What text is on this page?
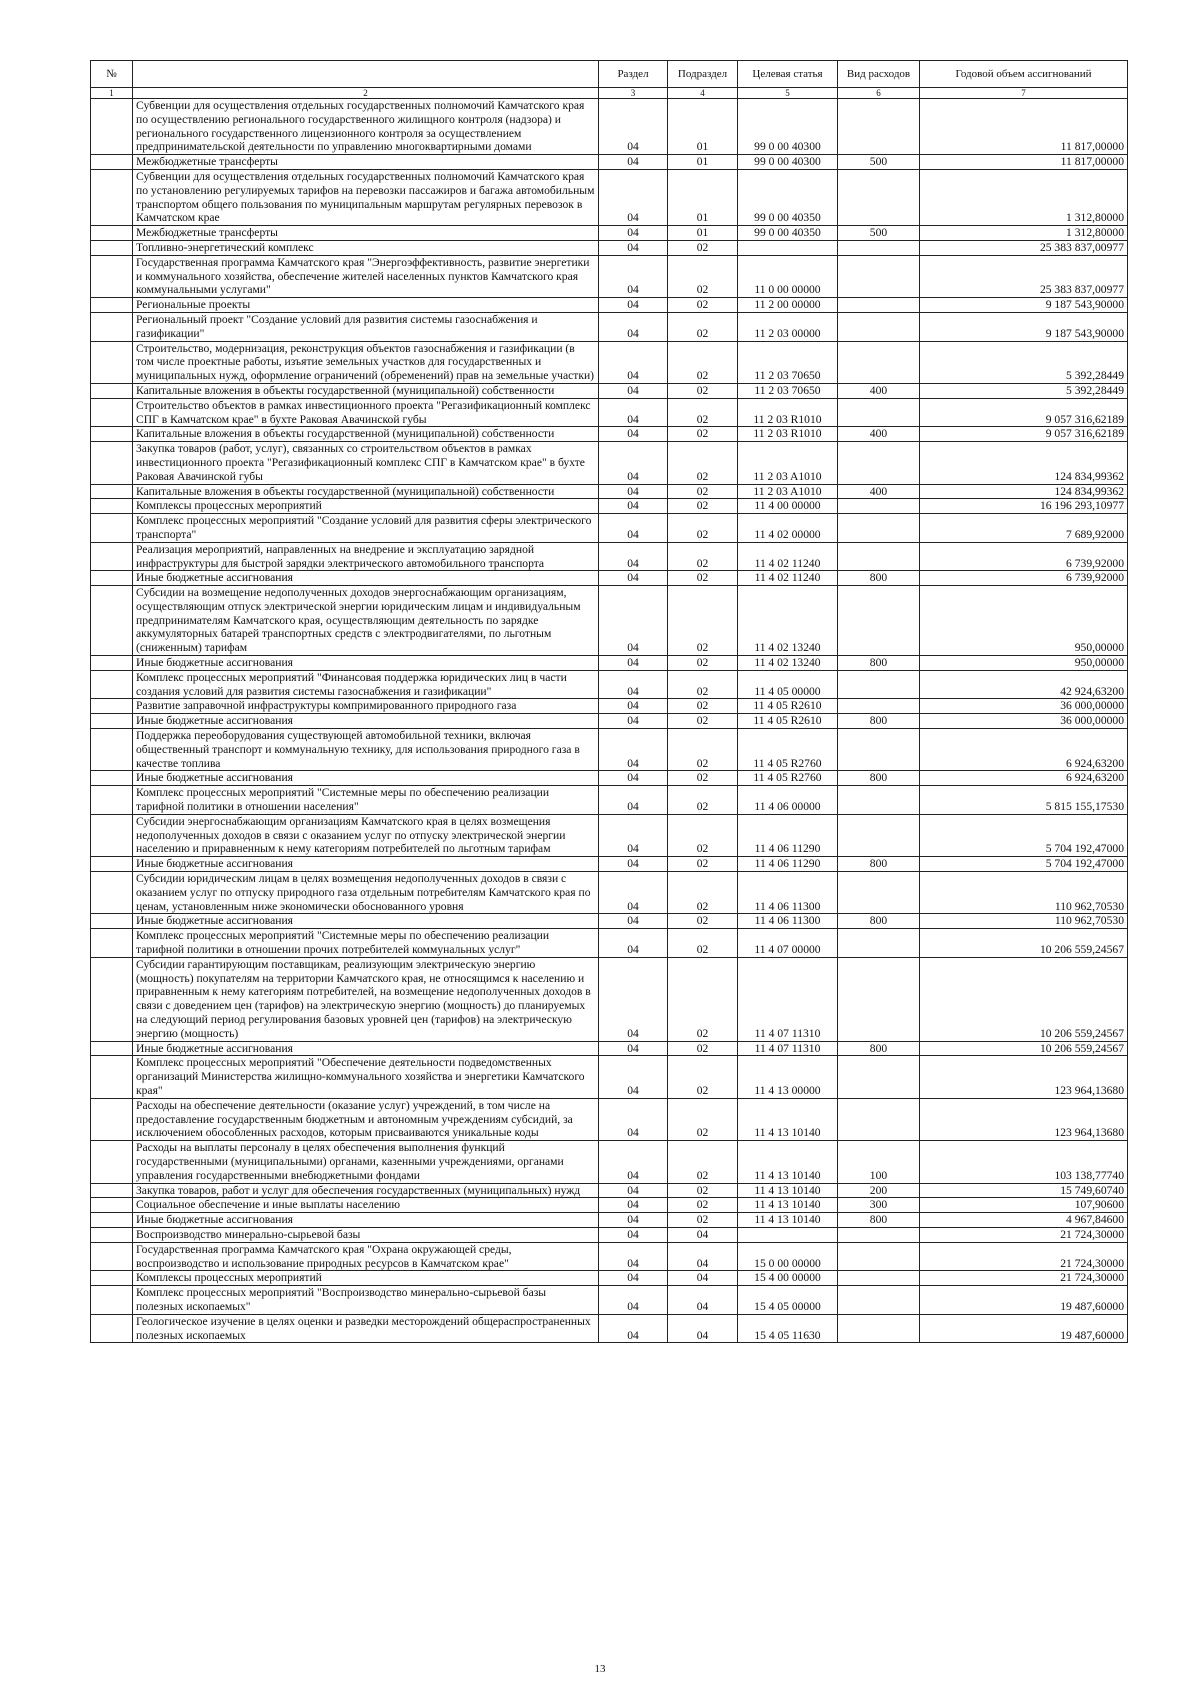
№		Раздел	Подраздел	Целевая статья	Вид расходов	Годовой объем ассигнований
1	2	3	4	5	6	7
	Субвенции для осуществления отдельных государственных полномочий Камчатского края по осуществлению регионального государственного жилищного контроля (надзора) и регионального государственного лицензионного контроля за осуществлением предпринимательской деятельности по управлению многоквартирными домами	04	01	99 0 00 40300		11 817,00000
	Межбюджетные трансферты	04	01	99 0 00 40300	500	11 817,00000
	Субвенции для осуществления отдельных государственных полномочий Камчатского края по установлению регулируемых тарифов на перевозки пассажиров и багажа автомобильным транспортом общего пользования по муниципальным маршрутам регулярных перевозок в Камчатском крае	04	01	99 0 00 40350		1 312,80000
	Межбюджетные трансферты	04	01	99 0 00 40350	500	1 312,80000
	Топливно-энергетический комплекс	04	02			25 383 837,00977
	Государственная программа Камчатского края "Энергоэффективность, развитие энергетики и коммунального хозяйства, обеспечение жителей населенных пунктов Камчатского края коммунальными услугами"	04	02	11 0 00 00000		25 383 837,00977
	Региональные проекты	04	02	11 2 00 00000		9 187 543,90000
	Региональный проект "Создание условий для развития системы газоснабжения и газификации"	04	02	11 2 03 00000		9 187 543,90000
	Строительство, модернизация, реконструкция объектов газоснабжения и газификации (в том числе проектные работы, изъятие земельных участков для государственных и муниципальных нужд, оформление ограничений (обременений) прав на земельные участки)	04	02	11 2 03 70650		5 392,28449
	Капитальные вложения в объекты государственной (муниципальной) собственности	04	02	11 2 03 70650	400	5 392,28449
	Строительство объектов в рамках инвестиционного проекта "Регазификационный комплекс СПГ в Камчатском крае" в бухте Раковая Авачинской губы	04	02	11 2 03 R1010		9 057 316,62189
	Капитальные вложения в объекты государственной (муниципальной) собственности	04	02	11 2 03 R1010	400	9 057 316,62189
	Закупка товаров (работ, услуг), связанных со строительством объектов в рамках инвестиционного проекта "Регазификационный комплекс СПГ в Камчатском крае" в бухте Раковая Авачинской губы	04	02	11 2 03 A1010		124 834,99362
	Капитальные вложения в объекты государственной (муниципальной) собственности	04	02	11 2 03 A1010	400	124 834,99362
	Комплексы процессных мероприятий	04	02	11 4 00 00000		16 196 293,10977
	Комплекс процессных мероприятий "Создание условий для развития сферы электрического транспорта"	04	02	11 4 02 00000		7 689,92000
	Реализация мероприятий, направленных на внедрение и эксплуатацию зарядной инфраструктуры для быстрой зарядки электрического автомобильного транспорта	04	02	11 4 02 11240		6 739,92000
	Иные бюджетные ассигнования	04	02	11 4 02 11240	800	6 739,92000
	Субсидии на возмещение недополученных доходов энергоснабжающим организациям, осуществляющим отпуск электрической энергии юридическим лицам и индивидуальным предпринимателям Камчатского края, осуществляющим деятельность по зарядке аккумуляторных батарей транспортных средств с электродвигателями, по льготным (сниженным) тарифам	04	02	11 4 02 13240		950,00000
	Иные бюджетные ассигнования	04	02	11 4 02 13240	800	950,00000
	Комплекс процессных мероприятий "Финансовая поддержка юридических лиц в части создания условий для развития системы газоснабжения и газификации"	04	02	11 4 05 00000		42 924,63200
	Развитие заправочной инфраструктуры компримированного природного газа	04	02	11 4 05 R2610		36 000,00000
	Иные бюджетные ассигнования	04	02	11 4 05 R2610	800	36 000,00000
	Поддержка переоборудования существующей автомобильной техники, включая общественный транспорт и коммунальную технику, для использования природного газа в качестве топлива	04	02	11 4 05 R2760		6 924,63200
	Иные бюджетные ассигнования	04	02	11 4 05 R2760	800	6 924,63200
	Комплекс процессных мероприятий "Системные меры по обеспечению реализации тарифной политики в отношении населения"	04	02	11 4 06 00000		5 815 155,17530
	Субсидии энергоснабжающим организациям Камчатского края в целях возмещения недополученных доходов в связи с оказанием услуг по отпуску электрической энергии населению и приравненным к нему категориям потребителей по льготным тарифам	04	02	11 4 06 11290		5 704 192,47000
	Иные бюджетные ассигнования	04	02	11 4 06 11290	800	5 704 192,47000
	Субсидии юридическим лицам в целях возмещения недополученных доходов в связи с оказанием услуг по отпуску природного газа отдельным потребителям Камчатского края по ценам, установленным ниже экономически обоснованного уровня	04	02	11 4 06 11300		110 962,70530
	Иные бюджетные ассигнования	04	02	11 4 06 11300	800	110 962,70530
	Комплекс процессных мероприятий "Системные меры по обеспечению реализации тарифной политики в отношении прочих потребителей коммунальных услуг"	04	02	11 4 07 00000		10 206 559,24567
	Субсидии гарантирующим поставщикам, реализующим электрическую энергию (мощность) покупателям на территории Камчатского края, не относящимся к населению и приравненным к нему категориям потребителей, на возмещение недополученных доходов в связи с доведением цен (тарифов) на электрическую энергию (мощность) до планируемых на следующий период регулирования базовых уровней цен (тарифов) на электрическую энергию (мощность)	04	02	11 4 07 11310		10 206 559,24567
	Иные бюджетные ассигнования	04	02	11 4 07 11310	800	10 206 559,24567
	Комплекс процессных мероприятий "Обеспечение деятельности подведомственных организаций Министерства жилищно-коммунального хозяйства и энергетики Камчатского края"	04	02	11 4 13 00000		123 964,13680
	Расходы на обеспечение деятельности (оказание услуг) учреждений, в том числе на предоставление государственным бюджетным и автономным учреждениям субсидий, за исключением обособленных расходов, которым присваиваются уникальные коды	04	02	11 4 13 10140		123 964,13680
	Расходы на выплаты персоналу в целях обеспечения выполнения функций государственными (муниципальными) органами, казенными учреждениями, органами управления государственными внебюджетными фондами	04	02	11 4 13 10140	100	103 138,77740
	Закупка товаров, работ и услуг для обеспечения государственных (муниципальных) нужд	04	02	11 4 13 10140	200	15 749,60740
	Социальное обеспечение и иные выплаты населению	04	02	11 4 13 10140	300	107,90600
	Иные бюджетные ассигнования	04	02	11 4 13 10140	800	4 967,84600
	Воспроизводство минерально-сырьевой базы	04	04			21 724,30000
	Государственная программа Камчатского края "Охрана окружающей среды, воспроизводство и использование природных ресурсов в Камчатском крае"	04	04	15 0 00 00000		21 724,30000
	Комплексы процессных мероприятий	04	04	15 4 00 00000		21 724,30000
	Комплекс процессных мероприятий "Воспроизводство минерально-сырьевой базы полезных ископаемых"	04	04	15 4 05 00000		19 487,60000
	Геологическое изучение в целях оценки и разведки месторождений общераспространенных полезных ископаемых	04	04	15 4 05 11630		19 487,60000
13
